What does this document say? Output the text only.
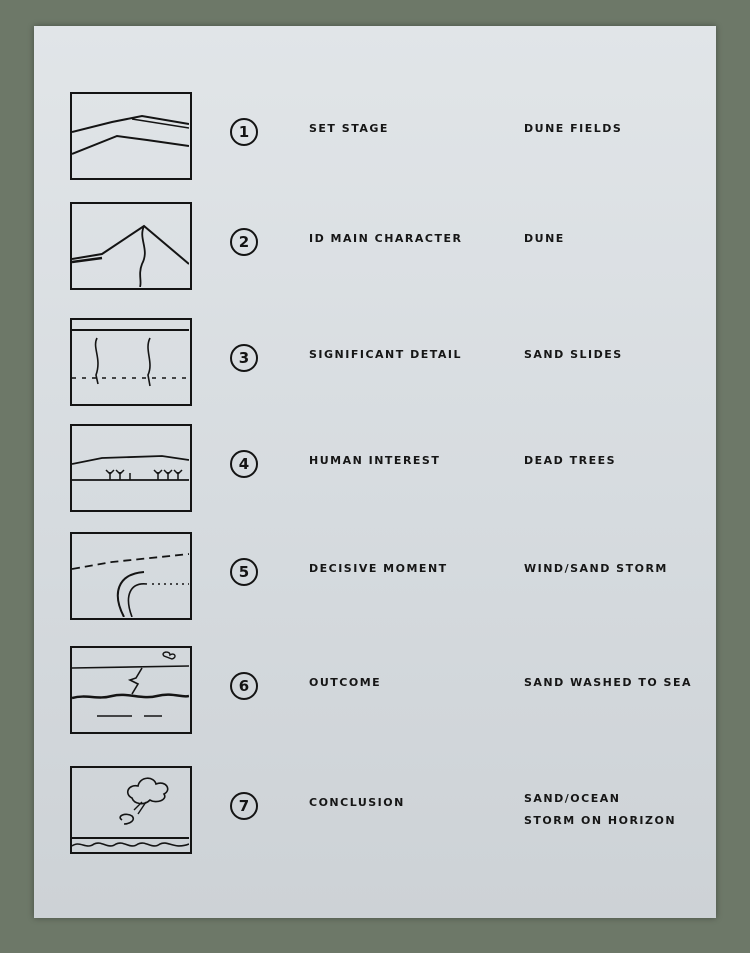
1	SET STAGE	DUNE FIELDS
2	ID MAIN CHARACTER	DUNE
3	SIGNIFICANT DETAIL	SAND SLIDES
4	HUMAN INTEREST	DEAD TREES
5	DECISIVE MOMENT	WIND/SAND STORM
6	OUTCOME	SAND WASHED TO SEA
7	CONCLUSION	SAND/OCEAN
STORM ON HORIZON
